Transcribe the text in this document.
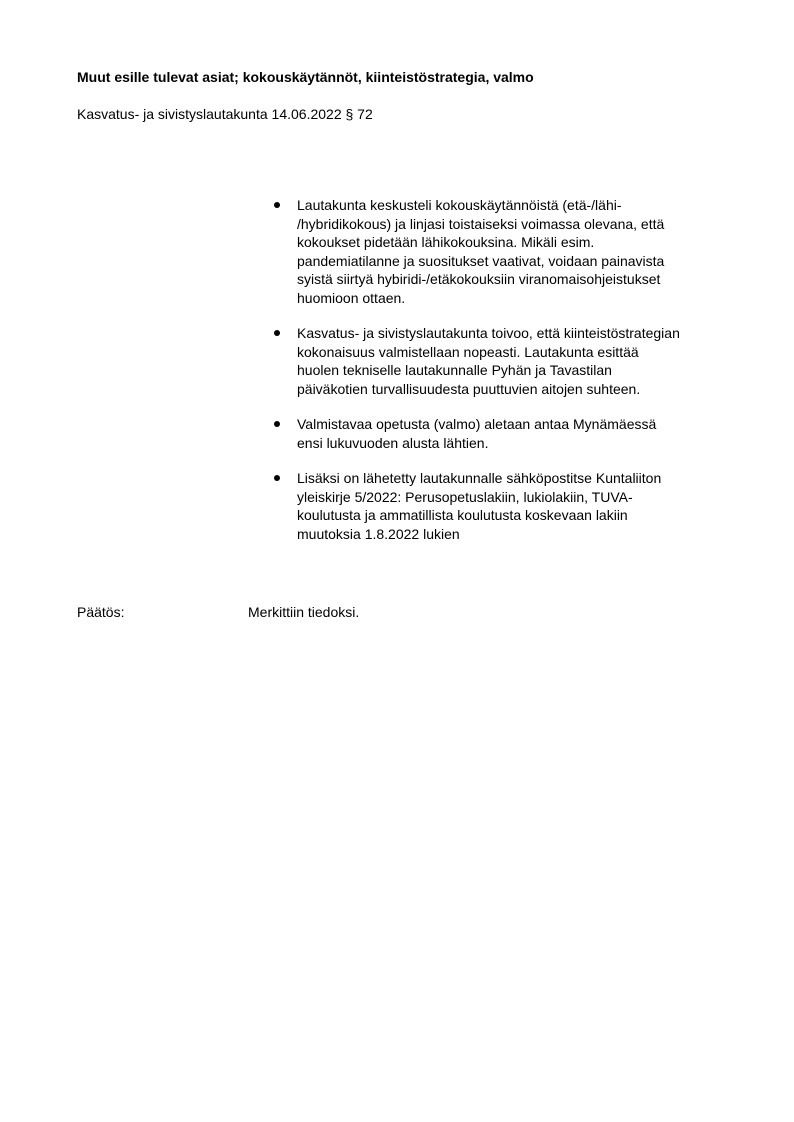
Muut esille tulevat asiat; kokouskäytännöt, kiinteistöstrategia, valmo
Kasvatus- ja sivistyslautakunta 14.06.2022 § 72
Lautakunta keskusteli kokouskäytännöistä (etä-/lähi-
/hybridikokous) ja linjasi toistaiseksi voimassa olevana, että
kokoukset pidetään lähikokouksina. Mikäli esim.
pandemiatilanne ja suositukset vaativat, voidaan painavista
syistä siirtyä hybiridi-/etäkokouksiin viranomaisohjeistukset
huomioon ottaen.
Kasvatus- ja sivistyslautakunta toivoo, että kiinteistöstrategian
kokonaisuus valmistellaan nopeasti. Lautakunta esittää
huolen tekniselle lautakunnalle Pyhän ja Tavastilan
päiväkotien turvallisuudesta puuttuvien aitojen suhteen.
Valmistavaa opetusta (valmo) aletaan antaa Mynämäessä
ensi lukuvuoden alusta lähtien.
Lisäksi on lähetetty lautakunnalle sähköpostitse Kuntaliiton
yleiskirje 5/2022: Perusopetuslakiin, lukiolakiin, TUVA-
koulutusta ja ammatillista koulutusta koskevaan lakiin
muutoksia 1.8.2022 lukien
Päätös:	Merkittiin tiedoksi.
